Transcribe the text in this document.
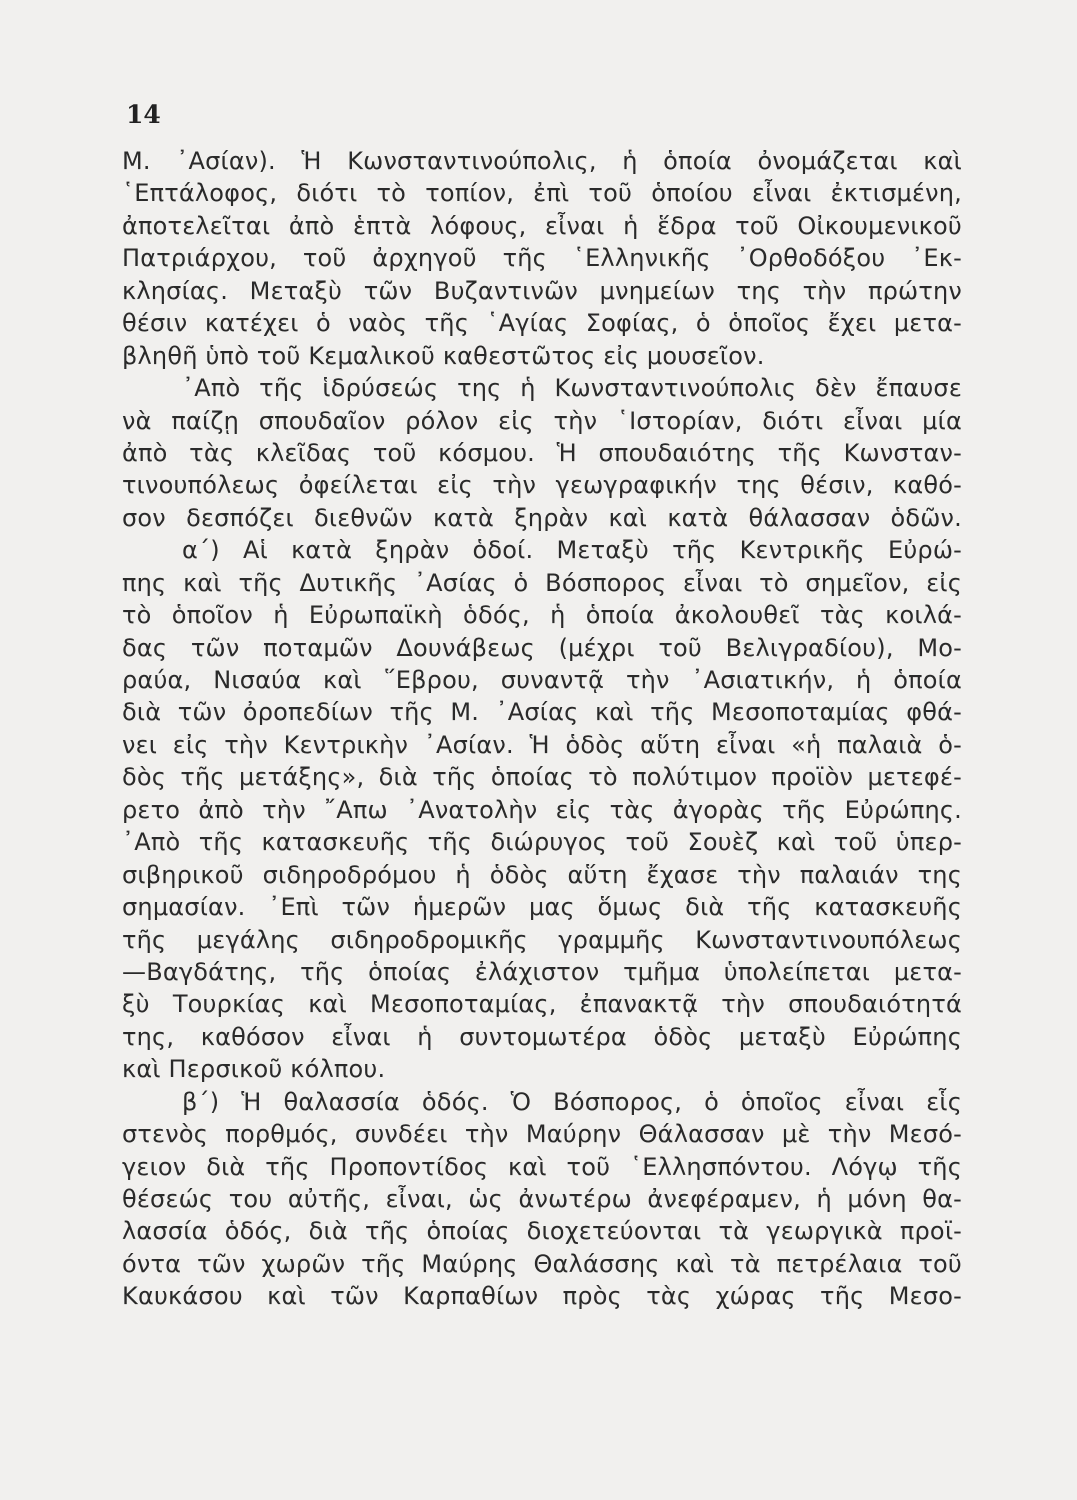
14
Μ. ᾿Ασίαν). Ἡ Κωνσταντινούπολις, ἡ ὁποία ὀνομάζεται καὶ
῾Επτάλοφος, διότι τὸ τοπίον, ἐπὶ τοῦ ὁποίου εἶναι ἐκτισμένη,
ἀποτελεῖται ἀπὸ ἑπτὰ λόφους, εἶναι ἡ ἕδρα τοῦ Οἰκουμενικοῦ
Πατριάρχου, τοῦ ἀρχηγοῦ τῆς ῾Ελληνικῆς ᾿Ορθοδόξου ᾿Εκ-
κλησίας. Μεταξὺ τῶν Βυζαντινῶν μνημείων της τὴν πρώτην
θέσιν κατέχει ὁ ναὸς τῆς ῾Αγίας Σοφίας, ὁ ὁποῖος ἔχει μετα-
βληθῆ ὑπὸ τοῦ Κεμαλικοῦ καθεστῶτος εἰς μουσεῖον.
᾿Απὸ τῆς ἱδρύσεώς της ἡ Κωνσταντινούπολις δὲν ἔπαυσε
νὰ παίζῃ σπουδαῖον ρόλον εἰς τὴν ῾Ιστορίαν, διότι εἶναι μία
ἀπὸ τὰς κλεῖδας τοῦ κόσμου. Ἡ σπουδαιότης τῆς Κωνσταν-
τινουπόλεως ὀφείλεται εἰς τὴν γεωγραφικήν της θέσιν, καθό-
σον δεσπόζει διεθνῶν κατὰ ξηρὰν καὶ κατὰ θάλασσαν ὁδῶν.
α΄) Αἱ κατὰ ξηρὰν ὁδοί. Μεταξὺ τῆς Κεντρικῆς Εὐρώ-
πης καὶ τῆς Δυτικῆς ᾿Ασίας ὁ Βόσπορος εἶναι τὸ σημεῖον, εἰς
τὸ ὁποῖον ἡ Εὐρωπαϊκὴ ὁδός, ἡ ὁποία ἀκολουθεῖ τὰς κοιλά-
δας τῶν ποταμῶν Δουνάβεως (μέχρι τοῦ Βελιγραδίου), Μο-
ραύα, Νισαύα καὶ ῞Εβρου, συναντᾷ τὴν ᾿Ασιατικήν, ἡ ὁποία
διὰ τῶν ὀροπεδίων τῆς Μ. ᾿Ασίας καὶ τῆς Μεσοποταμίας φθά-
νει εἰς τὴν Κεντρικὴν ᾿Ασίαν. Ἡ ὁδὸς αὕτη εἶναι «ἡ παλαιὰ ὁ-
δὸς τῆς μετάξης», διὰ τῆς ὁποίας τὸ πολύτιμον προϊὸν μετεφέ-
ρετο ἀπὸ τὴν ῎Απω ᾿Ανατολὴν εἰς τὰς ἀγορὰς τῆς Εὐρώπης.
᾿Απὸ τῆς κατασκευῆς τῆς διώρυγος τοῦ Σουὲζ καὶ τοῦ ὑπερ-
σιβηρικοῦ σιδηροδρόμου ἡ ὁδὸς αὕτη ἔχασε τὴν παλαιάν της
σημασίαν. ᾿Επὶ τῶν ἡμερῶν μας ὅμως διὰ τῆς κατασκευῆς
τῆς μεγάλης σιδηροδρομικῆς γραμμῆς Κωνσταντινουπόλεως
—Βαγδάτης, τῆς ὁποίας ἐλάχιστον τμῆμα ὑπολείπεται μετα-
ξὺ Τουρκίας καὶ Μεσοποταμίας, ἐπανακτᾷ τὴν σπουδαιότητά
της, καθόσον εἶναι ἡ συντομωτέρα ὁδὸς μεταξὺ Εὐρώπης
καὶ Περσικοῦ κόλπου.
β΄) Ἡ θαλασσία ὁδός. Ὁ Βόσπορος, ὁ ὁποῖος εἶναι εἷς
στενὸς πορθμός, συνδέει τὴν Μαύρην Θάλασσαν μὲ τὴν Μεσό-
γειον διὰ τῆς Προποντίδος καὶ τοῦ ῾Ελλησπόντου. Λόγῳ τῆς
θέσεώς του αὐτῆς, εἶναι, ὡς ἀνωτέρω ἀνεφέραμεν, ἡ μόνη θα-
λασσία ὁδός, διὰ τῆς ὁποίας διοχετεύονται τὰ γεωργικὰ προϊ-
όντα τῶν χωρῶν τῆς Μαύρης Θαλάσσης καὶ τὰ πετρέλαια τοῦ
Καυκάσου καὶ τῶν Καρπαθίων πρὸς τὰς χώρας τῆς Μεσο-
